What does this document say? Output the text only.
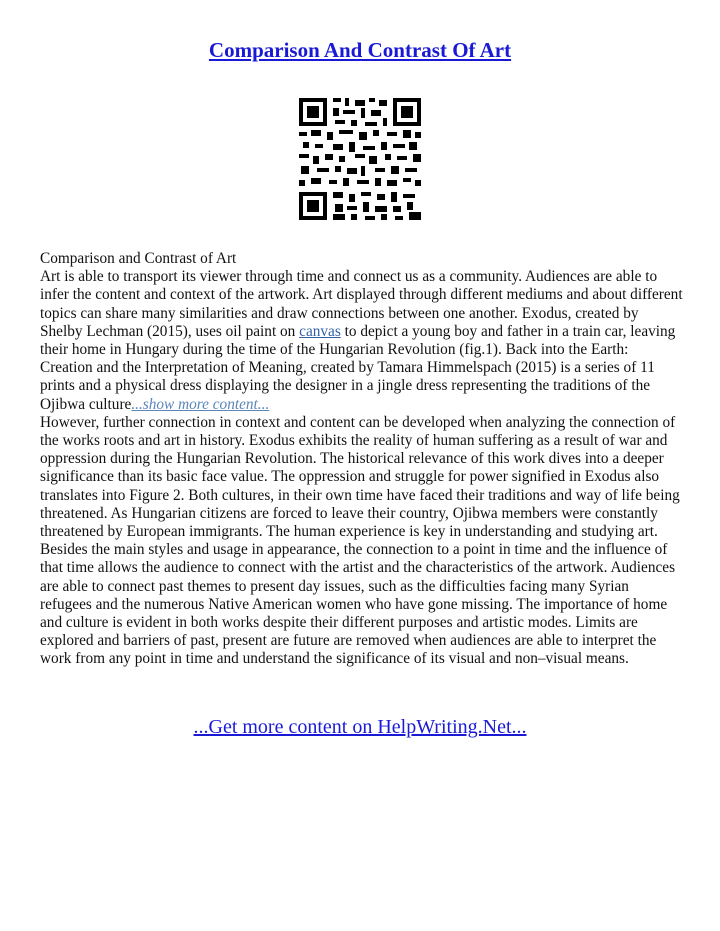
Comparison And Contrast Of Art

Comparison and Contrast of Art

Art is able to transport its viewer through time and connect us as a community. Audiences are able to infer the content and context of the artwork. Art displayed through different mediums and about different topics can share many similarities and draw connections between one another. Exodus, created by Shelby Lechman (2015), uses oil paint on canvas to depict a young boy and father in a train car, leaving their home in Hungary during the time of the Hungarian Revolution (fig.1). Back into the Earth: Creation and the Interpretation of Meaning, created by Tamara Himmelspach (2015) is a series of 11 prints and a physical dress displaying the designer in a jingle dress representing the traditions of the Ojibwa culture...show more content...

However, further connection in context and content can be developed when analyzing the connection of the works roots and art in history. Exodus exhibits the reality of human suffering as a result of war and oppression during the Hungarian Revolution. The historical relevance of this work dives into a deeper significance than its basic face value. The oppression and struggle for power signified in Exodus also translates into Figure 2. Both cultures, in their own time have faced their traditions and way of life being threatened. As Hungarian citizens are forced to leave their country, Ojibwa members were constantly threatened by European immigrants. The human experience is key in understanding and studying art. Besides the main styles and usage in appearance, the connection to a point in time and the influence of that time allows the audience to connect with the artist and the characteristics of the artwork. Audiences are able to connect past themes to present day issues, such as the difficulties facing many Syrian refugees and the numerous Native American women who have gone missing. The importance of home and culture is evident in both works despite their different purposes and artistic modes. Limits are explored and barriers of past, present are future are removed when audiences are able to interpret the work from any point in time and understand the significance of its visual and non–visual means.

...Get more content on HelpWriting.Net...
